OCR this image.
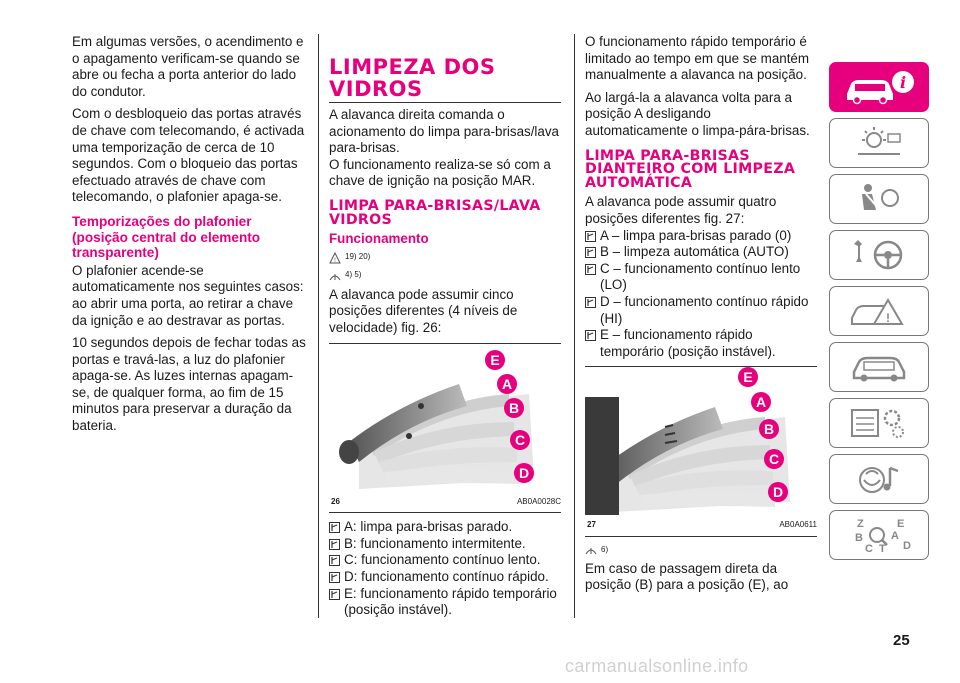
Em algumas versões, o acendimento e o apagamento verificam-se quando se abre ou fecha a porta anterior do lado do condutor.

Com o desbloqueio das portas através de chave com telecomando, é activada uma temporização de cerca de 10 segundos. Com o bloqueio das portas efectuado através de chave com telecomando, o plafonier apaga-se.

Temporizações do plafonier (posição central do elemento transparente)

O plafonier acende-se automaticamente nos seguintes casos: ao abrir uma porta, ao retirar a chave da ignição e ao destravar as portas.

10 segundos depois de fechar todas as portas e travá-las, a luz do plafonier apaga-se. As luzes internas apagam-se, de qualquer forma, ao fim de 15 minutos para preservar a duração da bateria.

LIMPEZA DOS VIDROS

A alavanca direita comanda o acionamento do limpa para-brisas/lava para-brisas.

O funcionamento realiza-se só com a chave de ignição na posição MAR.

LIMPA PARA-BRISAS/LAVA VIDROS
Funcionamento
! 19) 20)
4) 5)

A alavanca pode assumir cinco posições diferentes (4 níveis de velocidade) fig. 26:

E
A
B
C
D
26	AB0A0028C
A: limpa para-brisas parado.
B: funcionamento intermitente.
C: funcionamento contínuo lento.
D: funcionamento contínuo rápido.
E: funcionamento rápido temporário (posição instável).

O funcionamento rápido temporário é limitado ao tempo em que se mantém manualmente a alavanca na posição.

Ao largá-la a alavanca volta para a posição A desligando automaticamente o limpa-pára-brisas.

LIMPA PARA-BRISAS DIANTEIRO COM LIMPEZA AUTOMÁTICA

A alavanca pode assumir quatro posições diferentes fig. 27:

A – limpa para-brisas parado (0)
B – limpeza automática (AUTO)
C – funcionamento contínuo lento (LO)
D – funcionamento contínuo rápido (HI)
E – funcionamento rápido temporário (posição instável).
E
A
B
C
D
27	AB0A0611
6)

Em caso de passagem direta da posição (B) para a posição (E), ao

i
!
Z	E
B	A
C T D
25
carmanualsonline.info
